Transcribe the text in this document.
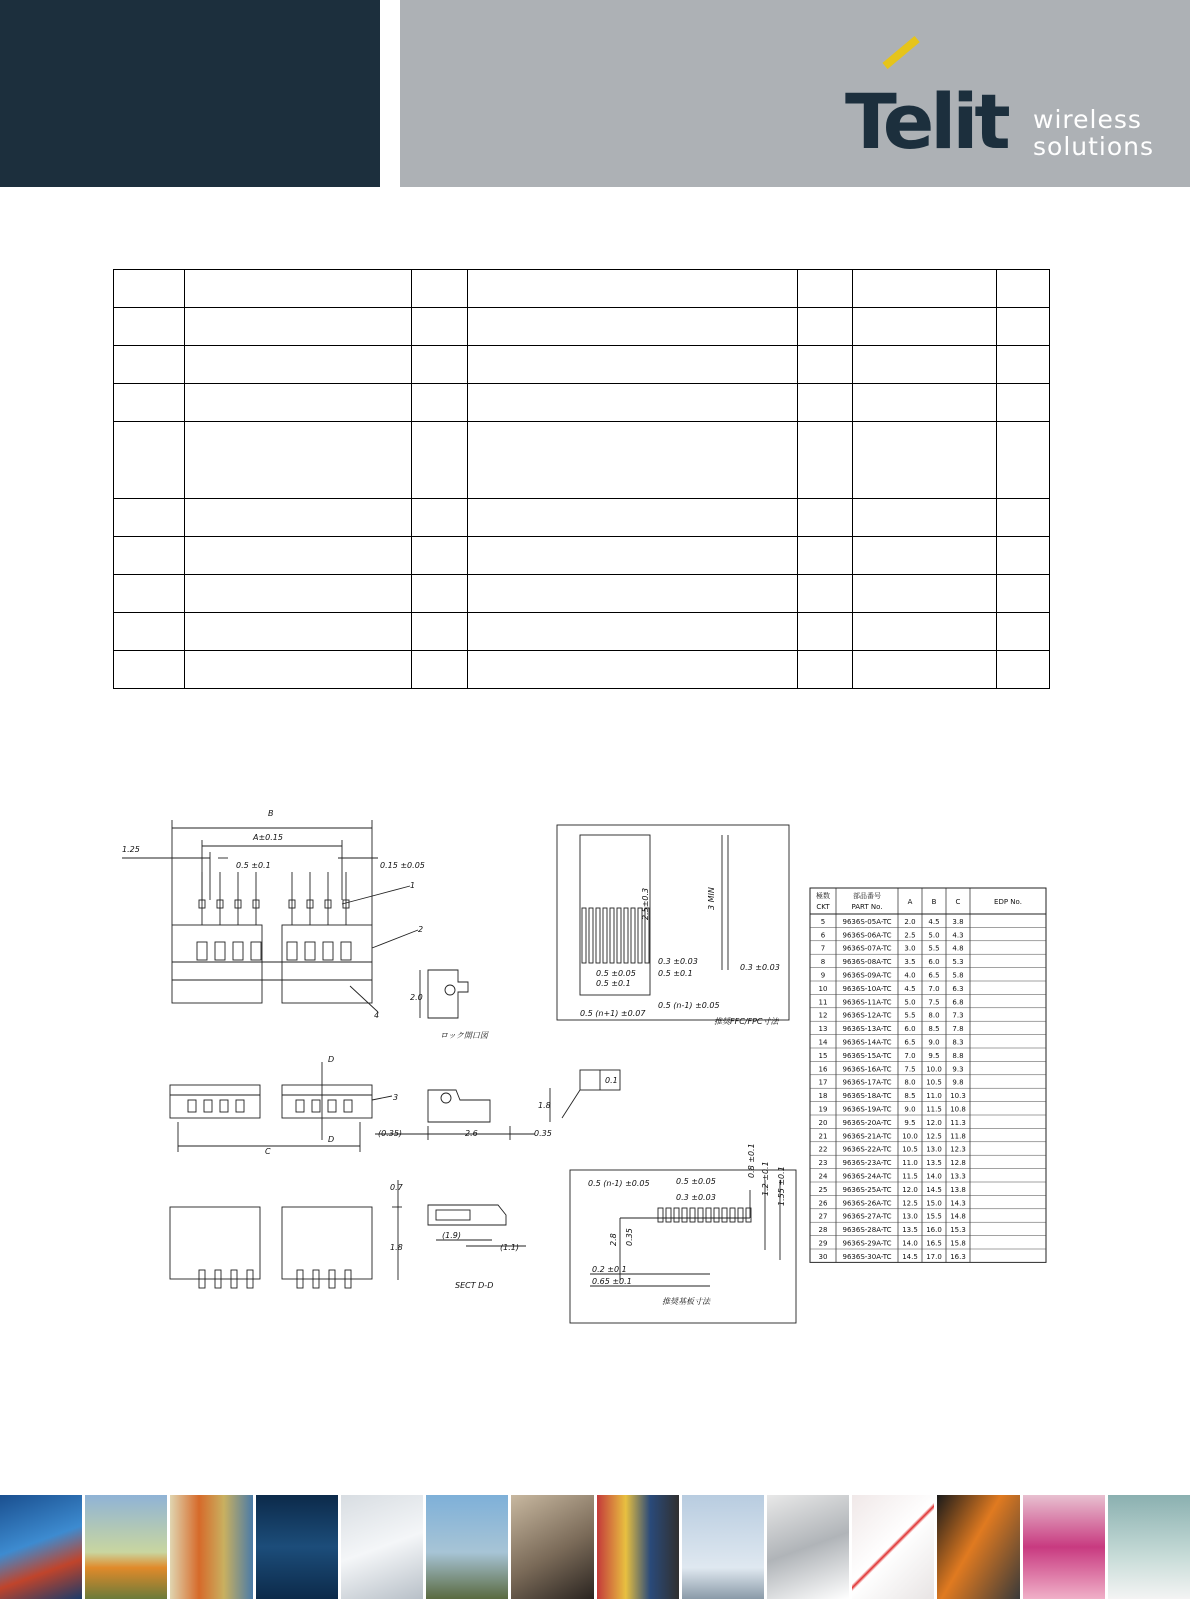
Telit wireless
solutions

B
A±0.15
0.5 ±0.1
1.25
0.15 ±0.05
1
2
3
4
2.0
ロック開口図
D
D
C
(0.35)	2.6	0.35
1.8
0.1
0.7
1.8
(1.9)
(1.1)
SECT D-D
推奨FFC/FPC寸法
推奨基板寸法
2.5±0.3
0.5 ±0.05
0.5 ±0.1
0.3 ±0.03
0.5 ±0.1
0.5 (n-1) ±0.05
0.5 (n+1) ±0.07
0.3 ±0.03
3 MIN
0.5 (n-1) ±0.05	0.5 ±0.05
0.3 ±0.03
2.8 0.35
0.8 ±0.1
1.2 ±0.1 1.55 ±0.1
0.2 ±0.1
0.65 ±0.1
極数
CKT
部品番号
PART No.
A	B	C	EDP No.
5 9636S-05A-TC 2.0 4.5 3.8
6 9636S-06A-TC 2.5 5.0 4.3
7 9636S-07A-TC 3.0 5.5 4.8
8 9636S-08A-TC 3.5 6.0 5.3
9 9636S-09A-TC 4.0 6.5 5.8
10 9636S-10A-TC 4.5 7.0 6.3
11 9636S-11A-TC 5.0 7.5 6.8
12 9636S-12A-TC 5.5 8.0 7.3
13 9636S-13A-TC 6.0 8.5 7.8
14 9636S-14A-TC 6.5 9.0 8.3
15 9636S-15A-TC 7.0 9.5 8.8
16 9636S-16A-TC 7.5 10.0 9.3
17 9636S-17A-TC 8.0 10.5 9.8
18 9636S-18A-TC 8.5 11.0 10.3
19 9636S-19A-TC 9.0 11.5 10.8
20 9636S-20A-TC 9.5 12.0 11.3
21 9636S-21A-TC 10.0 12.5 11.8
22 9636S-22A-TC 10.5 13.0 12.3
23 9636S-23A-TC 11.0 13.5 12.8
24 9636S-24A-TC 11.5 14.0 13.3
25 9636S-25A-TC 12.0 14.5 13.8
26 9636S-26A-TC 12.5 15.0 14.3
27 9636S-27A-TC 13.0 15.5 14.8
28 9636S-28A-TC 13.5 16.0 15.3
29 9636S-29A-TC 14.0 16.5 15.8
30 9636S-30A-TC 14.5 17.0 16.3
